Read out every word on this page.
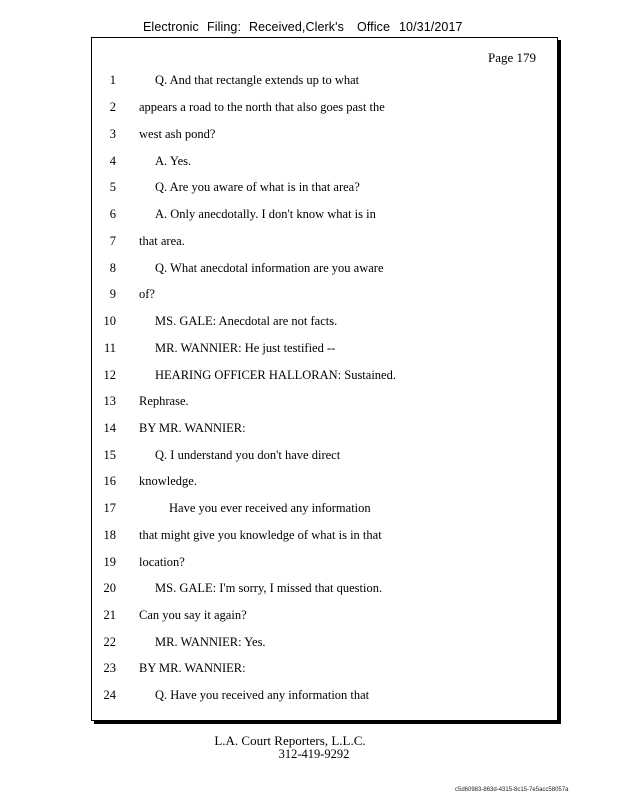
Electronic Filing: Received,Clerk's Office 10/31/2017
Page 179
1	Q. And that rectangle extends up to what
2 appears a road to the north that also goes past the
3 west ash pond?
4	A. Yes.
5	Q. Are you aware of what is in that area?
6	A. Only anecdotally. I don't know what is in
7 that area.
8	Q. What anecdotal information are you aware
9 of?
10	MS. GALE: Anecdotal are not facts.
11	MR. WANNIER: He just testified --
12	HEARING OFFICER HALLORAN: Sustained.
13 Rephrase.
14 BY MR. WANNIER:
15	Q. I understand you don't have direct
16 knowledge.
17	Have you ever received any information
18 that might give you knowledge of what is in that
19 location?
20	MS. GALE: I'm sorry, I missed that question.
21 Can you say it again?
22	MR. WANNIER: Yes.
23 BY MR. WANNIER:
24	Q. Have you received any information that
L.A. Court Reporters, L.L.C.
312-419-9292
c5d60983-863d-4315-8c15-7e5acc58057a
